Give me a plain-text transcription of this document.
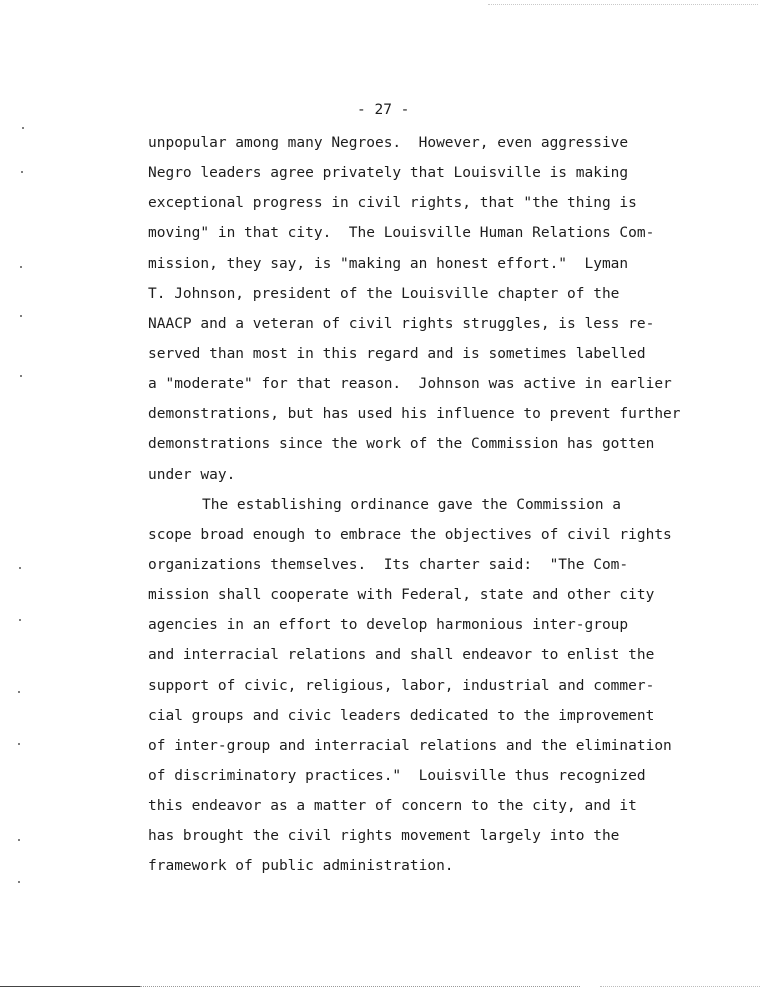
- 27 -
unpopular among many Negroes.  However, even aggressive
Negro leaders agree privately that Louisville is making
exceptional progress in civil rights, that "the thing is
moving" in that city.  The Louisville Human Relations Com-
mission, they say, is "making an honest effort."  Lyman
T. Johnson, president of the Louisville chapter of the
NAACP and a veteran of civil rights struggles, is less re-
served than most in this regard and is sometimes labelled
a "moderate" for that reason.  Johnson was active in earlier
demonstrations, but has used his influence to prevent further
demonstrations since the work of the Commission has gotten
under way.
The establishing ordinance gave the Commission a
scope broad enough to embrace the objectives of civil rights
organizations themselves.  Its charter said:  "The Com-
mission shall cooperate with Federal, state and other city
agencies in an effort to develop harmonious inter-group
and interracial relations and shall endeavor to enlist the
support of civic, religious, labor, industrial and commer-
cial groups and civic leaders dedicated to the improvement
of inter-group and interracial relations and the elimination
of discriminatory practices."  Louisville thus recognized
this endeavor as a matter of concern to the city, and it
has brought the civil rights movement largely into the
framework of public administration.
